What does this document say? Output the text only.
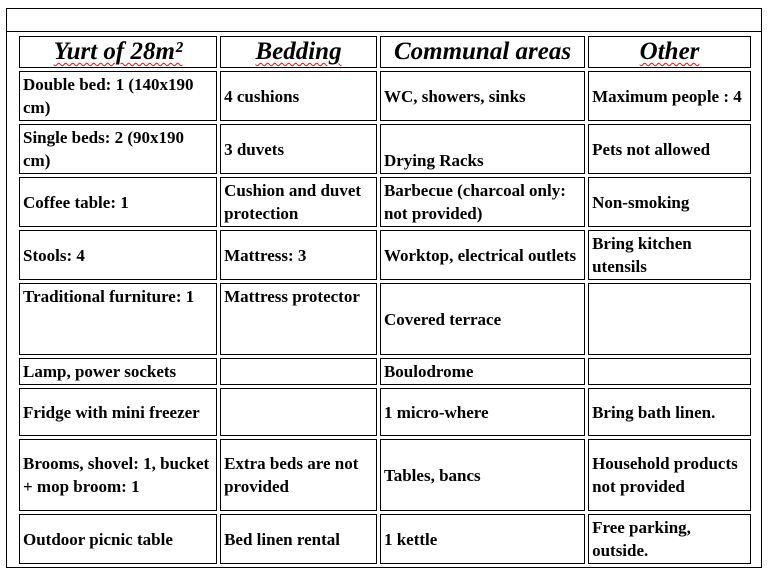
Yurt of 28m²	Bedding	Communal areas	Other
Double bed: 1 (140x190 cm)	4 cushions	WC, showers, sinks	Maximum people : 4
Single beds: 2 (90x190 cm)	3 duvets	Drying Racks	Pets not allowed
Coffee table: 1	Cushion and duvet protection	Barbecue (charcoal only: not provided)	Non-smoking
Stools: 4	Mattress: 3	Worktop, electrical outlets	Bring kitchen utensils
Traditional furniture: 1	Mattress protector	Covered terrace	
Lamp, power sockets		Boulodrome	
Fridge with mini freezer		1 micro-where	Bring bath linen.
Brooms, shovel: 1, bucket + mop broom: 1	Extra beds are not provided	Tables, bancs	Household products not provided
Outdoor picnic table	Bed linen rental	1 kettle	Free parking, outside.
